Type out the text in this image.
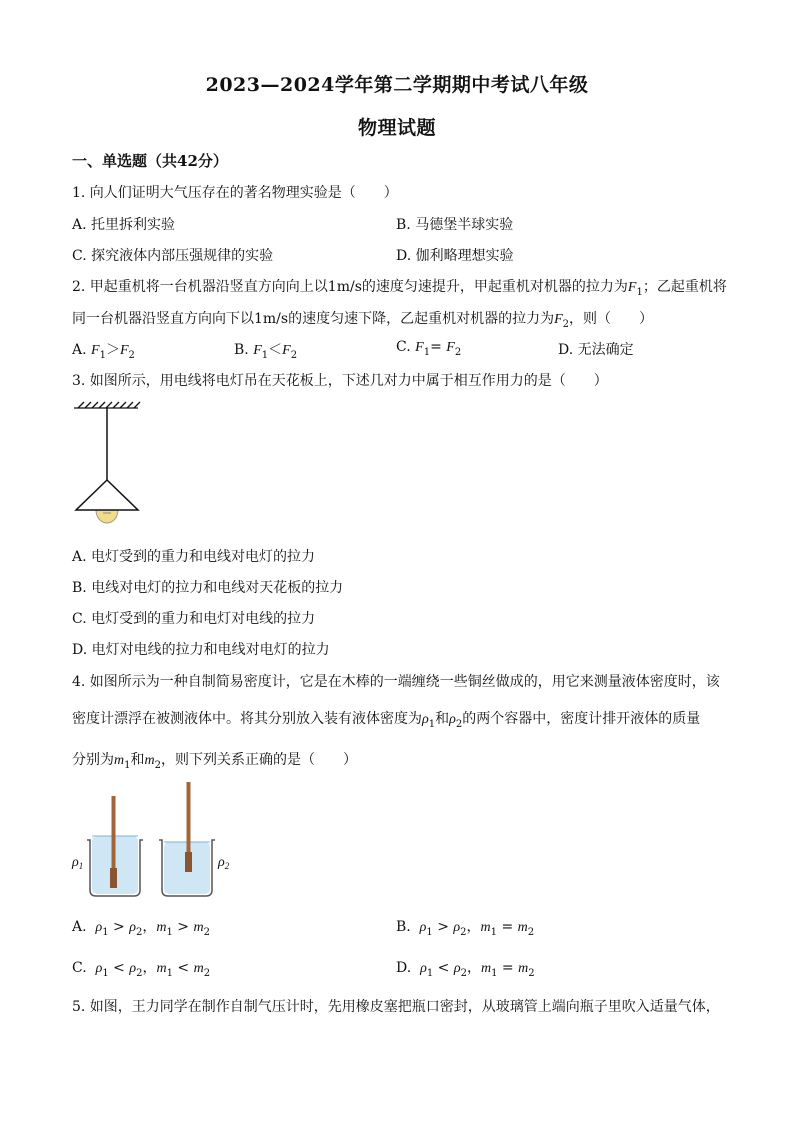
2023—2024学年第二学期期中考试八年级
物理试题
一、单选题（共42分）
1. 向人们证明大气压存在的著名物理实验是（　　）
A. 托里拆利实验	B. 马德堡半球实验
C. 探究液体内部压强规律的实验	D. 伽利略理想实验
2. 甲起重机将一台机器沿竖直方向向上以1m/s的速度匀速提升，甲起重机对机器的拉力为$F_1$；乙起重机将
同一台机器沿竖直方向向下以1m/s的速度匀速下降，乙起重机对机器的拉力为$F_2$，则（　　）
A. $F_1>F_2$	B. $F_1<F_2$
C. $F_1= F_2$	D. 无法确定
3. 如图所示，用电线将电灯吊在天花板上，下述几对力中属于相互作用力的是（　　）
A. 电灯受到的重力和电线对电灯的拉力
B. 电线对电灯的拉力和电线对天花板的拉力
C. 电灯受到的重力和电灯对电线的拉力
D. 电灯对电线的拉力和电线对电灯的拉力
4. 如图所示为一种自制简易密度计，它是在木棒的一端缠绕一些铜丝做成的，用它来测量液体密度时，该
密度计漂浮在被测液体中。将其分别放入装有液体密度为$\rho_1$和$\rho_2$的两个容器中，密度计排开液体的质量
分别为$m_1$和$m_2$，则下列关系正确的是（　　）
$\rho_1$	$\rho_2$
A. $\rho_1 > \rho_2$，$m_1 > m_2$	B. $\rho_1 > \rho_2$，$m_1 = m_2$
C. $\rho_1 < \rho_2$，$m_1 < m_2$	D. $\rho_1 < \rho_2$，$m_1 = m_2$
5. 如图，王力同学在制作自制气压计时，先用橡皮塞把瓶口密封，从玻璃管上端向瓶子里吹入适量气体，
